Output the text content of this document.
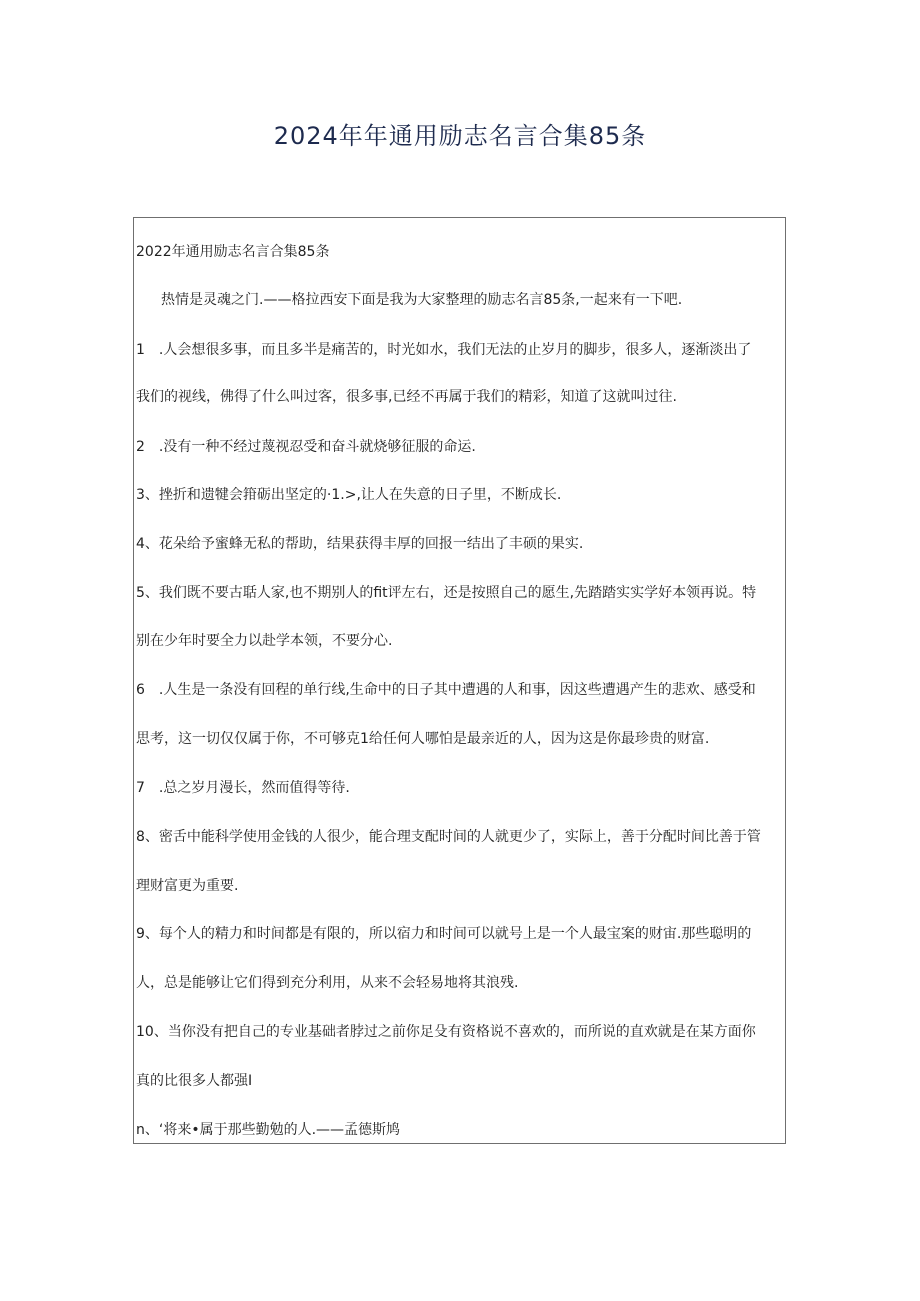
2024年年通用励志名言合集85条
2022年通用励志名言合集85条
热情是灵魂之门.——格拉西安下面是我为大家整理的励志名言85条,一起来有一下吧.
1　.人会想很多事，而且多半是痛苦的，时光如水，我们无法的止岁月的脚步，很多人，逐渐淡出了
我们的视线，佛得了什么叫过客，很多事,已经不再属于我们的精彩，知道了这就叫过往.
2　.没有一种不经过蔑视忍受和奋斗就烧够征服的命运.
3、挫折和遗犍会箝砺出坚定的·1.>,让人在失意的日子里，不断成长.
4、花朵给予蜜蜂无私的帮助，结果获得丰厚的回报一结出了丰硕的果实.
5、我们既不要古聒人家,也不期别人的fit评左右，还是按照自己的愿生,先踏踏实实学好本领再说。特
别在少年时要全力以赴学本领，不要分心.
6　.人生是一条没有回程的单行线,生命中的日子其中遭遇的人和事，因这些遭遇产生的悲欢、感受和
思考，这一切仅仅属于你，不可够克1给任何人哪怕是最亲近的人，因为这是你最珍贵的财富.
7　.总之岁月漫长，然而值得等待.
8、密舌中能科学使用金钱的人很少，能合理支配时间的人就更少了，实际上，善于分配时间比善于管
理财富更为重要.
9、每个人的精力和时间都是有限的，所以宿力和时间可以就号上是一个人最宝案的财宙.那些聪明的
人，总是能够让它们得到充分利用，从来不会轻易地将其浪残.
10、当你没有把自己的专业基础者脖过之前你足殳有资格说不喜欢的，而所说的直欢就是在某方面你
真的比很多人都强I
n、‘将来•属于那些勤勉的人.——孟德斯鸠
